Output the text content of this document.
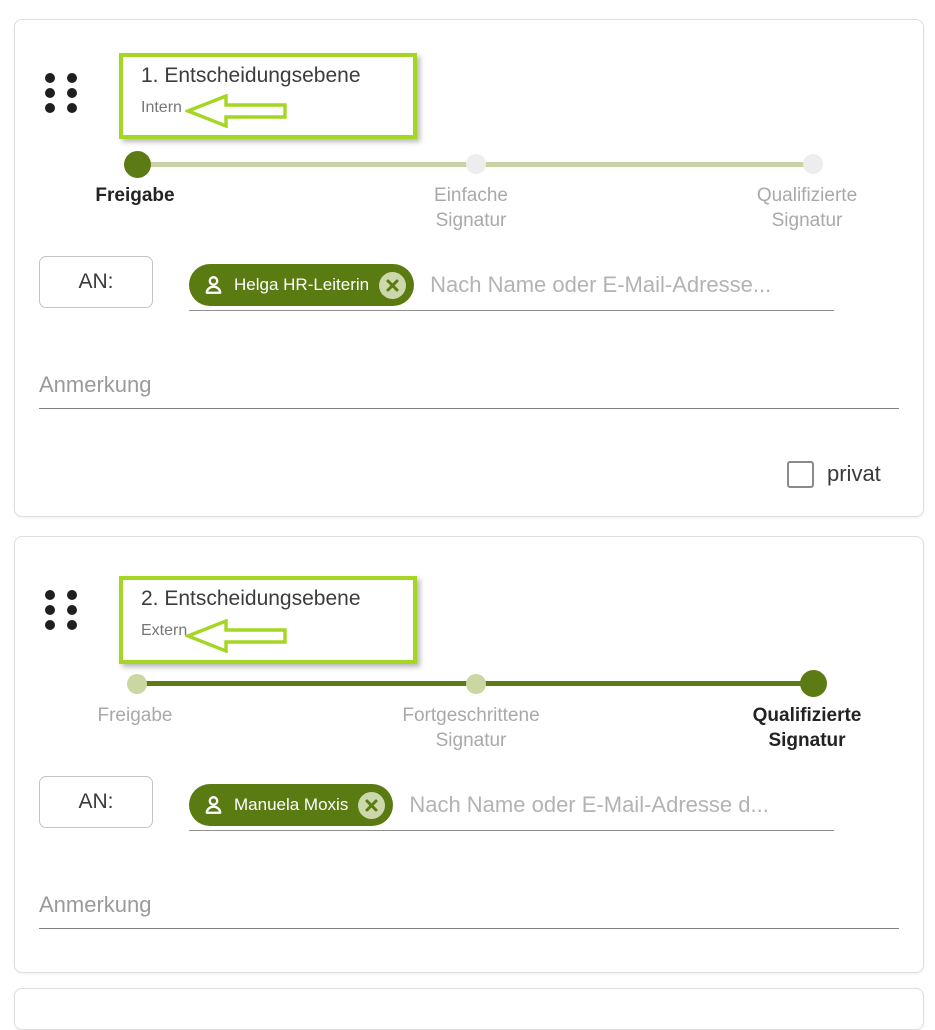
1. Entscheidungsebene
Intern
Freigabe	Einfache Signatur
Qualifizierte Signatur
AN:	Helga HR-Leiterin
Nach Name oder E-Mail-Adresse...
Anmerkung
privat
2. Entscheidungsebene
Extern
Freigabe	Fortgeschrittene Signatur
Qualifizierte Signatur
AN:	Manuela Moxis
Nach Name oder E-Mail-Adresse d...
Anmerkung
